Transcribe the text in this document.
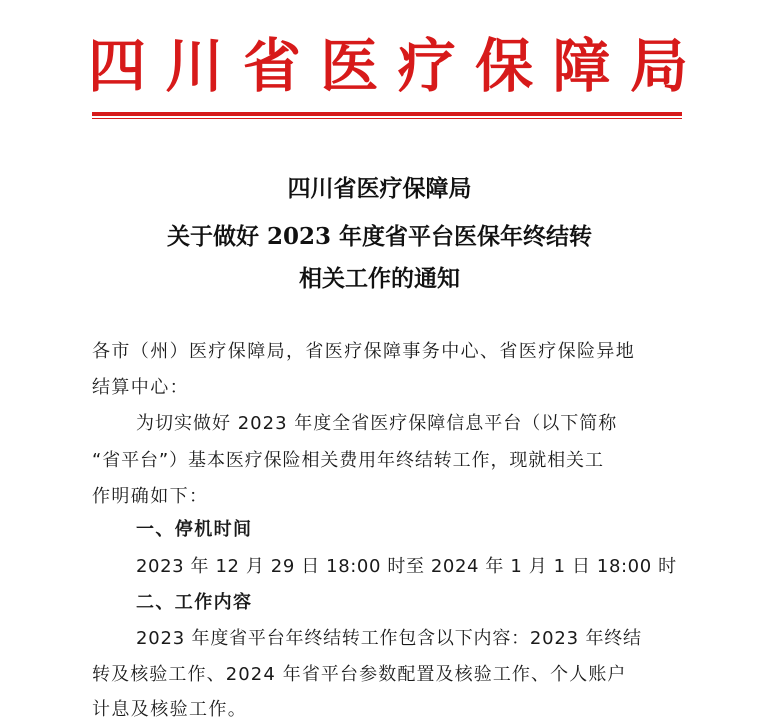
四 川 省 医 疗 保 障 局
四川省医疗保障局
关于做好 2023 年度省平台医保年终结转
相关工作的通知
各市（州）医疗保障局，省医疗保障事务中心、省医疗保险异地
结算中心：
为切实做好 2023 年度全省医疗保障信息平台（以下简称
“省平台”）基本医疗保险相关费用年终结转工作，现就相关工
作明确如下：
一、停机时间
2023 年 12 月 29 日 18:00 时至 2024 年 1 月 1 日 18:00 时
二、工作内容
2023 年度省平台年终结转工作包含以下内容：2023 年终结
转及核验工作、2024 年省平台参数配置及核验工作、个人账户
计息及核验工作。
